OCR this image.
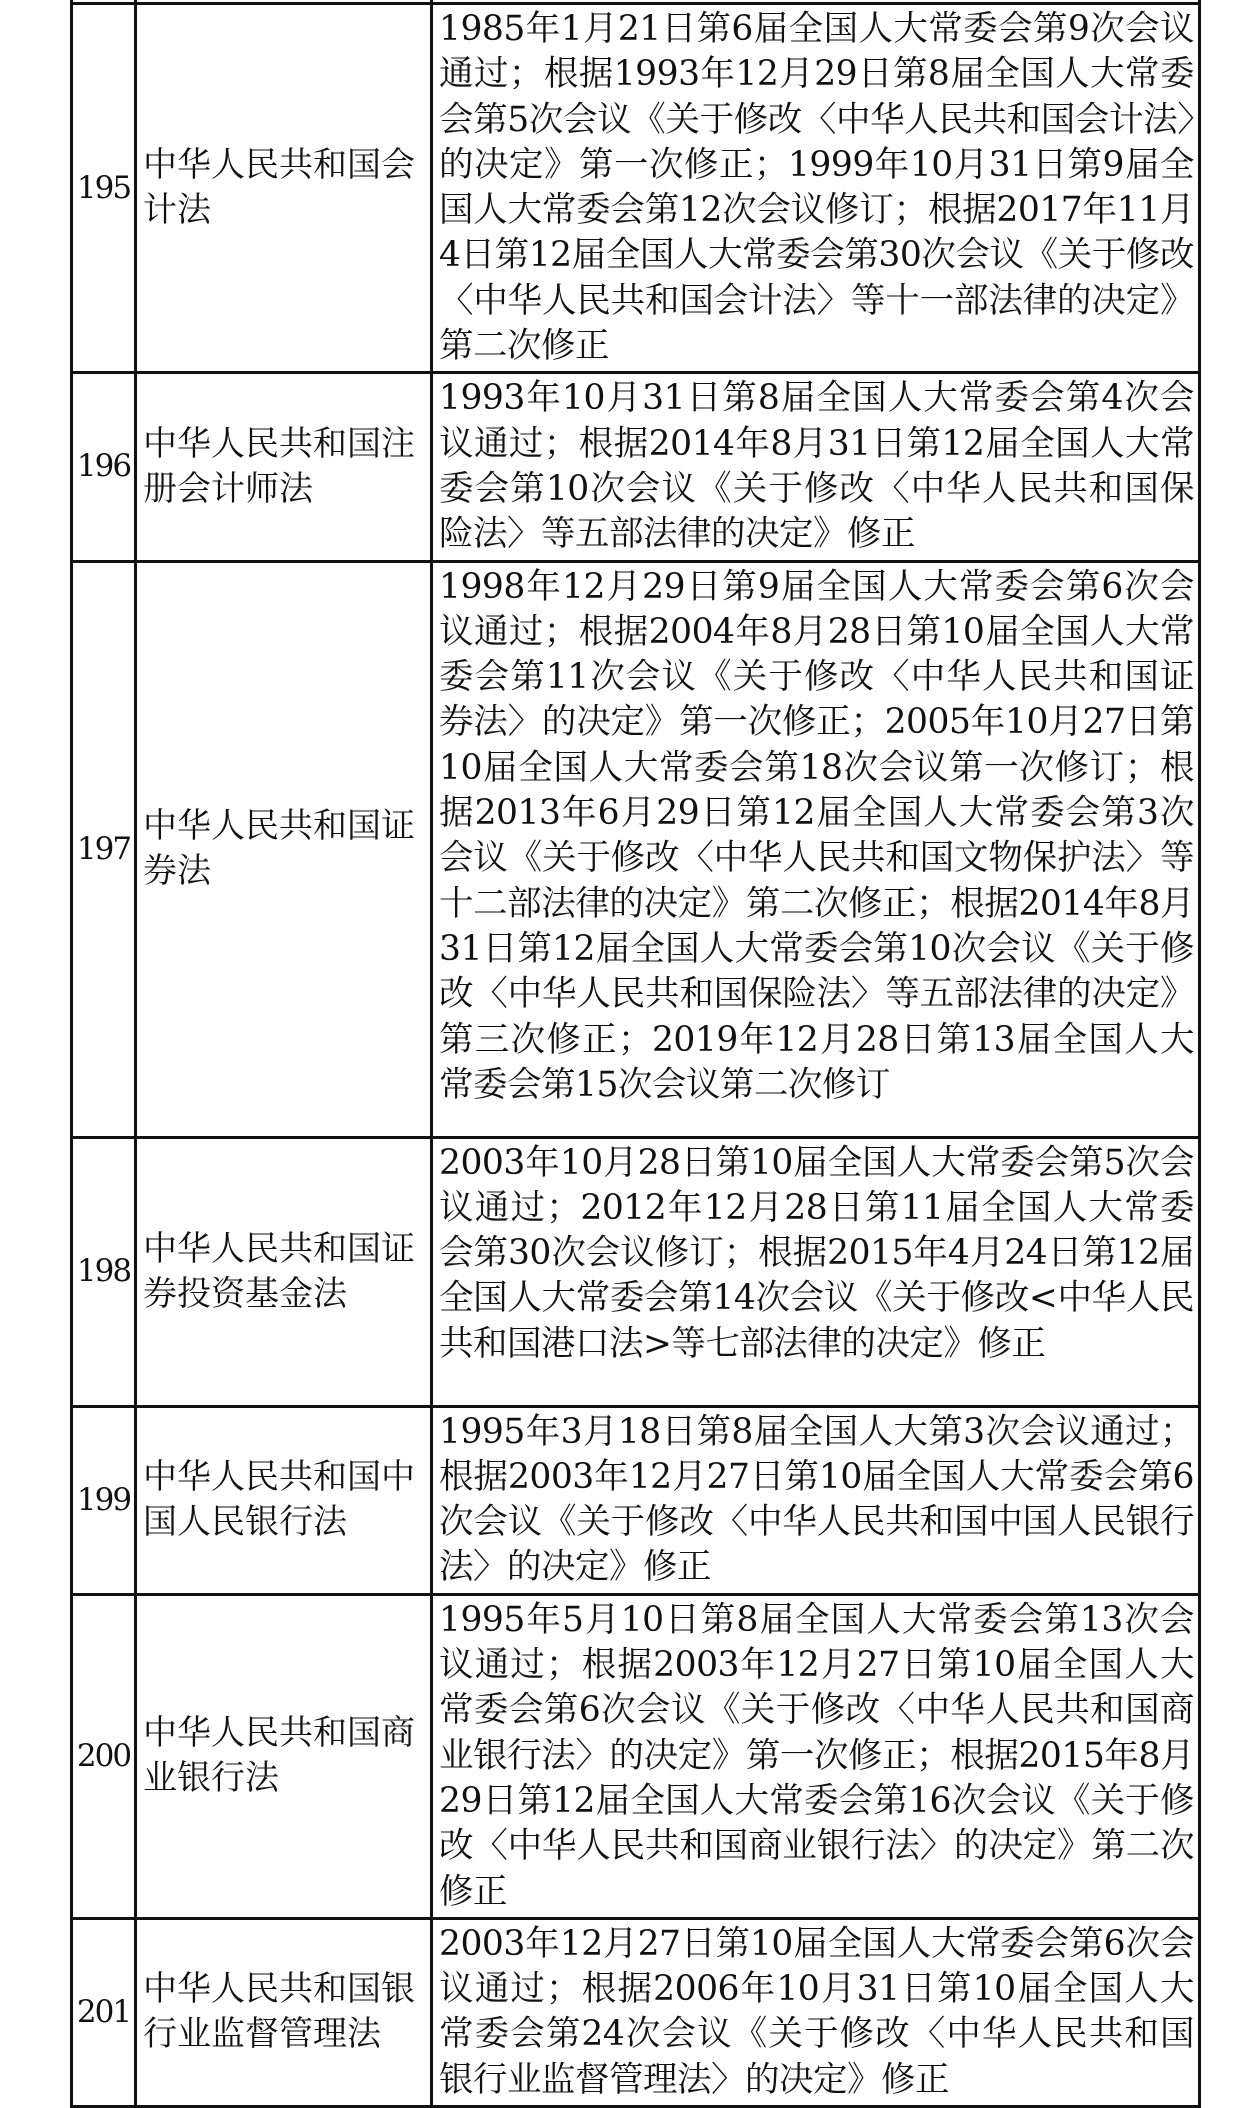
195	中华人民共和国会计法	1985年1月21日第6届全国人大常委会第9次会议通过；根据1993年12月29日第8届全国人大常委会第5次会议《关于修改〈中华人民共和国会计法〉的决定》第一次修正；1999年10月31日第9届全国人大常委会第12次会议修订；根据2017年11月4日第12届全国人大常委会第30次会议《关于修改〈中华人民共和国会计法〉等十一部法律的决定》第二次修正
196	中华人民共和国注册会计师法	1993年10月31日第8届全国人大常委会第4次会议通过；根据2014年8月31日第12届全国人大常委会第10次会议《关于修改〈中华人民共和国保险法〉等五部法律的决定》修正
197	中华人民共和国证券法	1998年12月29日第9届全国人大常委会第6次会议通过；根据2004年8月28日第10届全国人大常委会第11次会议《关于修改〈中华人民共和国证券法〉的决定》第一次修正；2005年10月27日第10届全国人大常委会第18次会议第一次修订；根据2013年6月29日第12届全国人大常委会第3次会议《关于修改〈中华人民共和国文物保护法〉等十二部法律的决定》第二次修正；根据2014年8月31日第12届全国人大常委会第10次会议《关于修改〈中华人民共和国保险法〉等五部法律的决定》第三次修正；2019年12月28日第13届全国人大常委会第15次会议第二次修订
198	中华人民共和国证券投资基金法	2003年10月28日第10届全国人大常委会第5次会议通过；2012年12月28日第11届全国人大常委会第30次会议修订；根据2015年4月24日第12届全国人大常委会第14次会议《关于修改<中华人民共和国港口法>等七部法律的决定》修正
199	中华人民共和国中国人民银行法	1995年3月18日第8届全国人大第3次会议通过；根据2003年12月27日第10届全国人大常委会第6次会议《关于修改〈中华人民共和国中国人民银行法〉的决定》修正
200	中华人民共和国商业银行法	1995年5月10日第8届全国人大常委会第13次会议通过；根据2003年12月27日第10届全国人大常委会第6次会议《关于修改〈中华人民共和国商业银行法〉的决定》第一次修正；根据2015年8月29日第12届全国人大常委会第16次会议《关于修改〈中华人民共和国商业银行法〉的决定》第二次修正
201	中华人民共和国银行业监督管理法	2003年12月27日第10届全国人大常委会第6次会议通过；根据2006年10月31日第10届全国人大常委会第24次会议《关于修改〈中华人民共和国银行业监督管理法〉的决定》修正
